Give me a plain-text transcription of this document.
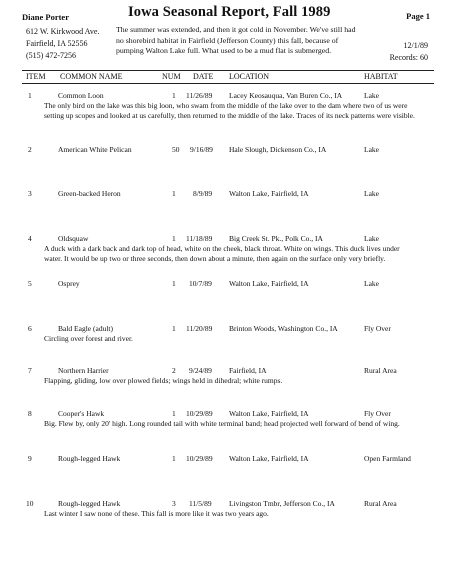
Diane Porter	Iowa Seasonal Report, Fall 1989	Page 1
612 W. Kirkwood Ave.
Fairfield, IA 52556
(515) 472-7256
The summer was extended, and then it got cold in November. We've still had no shorebird habitat in Fairfield (Jefferson County) this fall, because of pumping Walton Lake full. What used to be a mud flat is submerged.
12/1/89
Records: 60
ITEM COMMON NAME	NUM DATE LOCATION	HABITAT
1	Common Loon	1 11/26/89 Lacey Keosauqua, Van Buren Co., IA	Lake
The only bird on the lake was this big loon, who swam from the middle of the lake over to the dam where two of us were setting up scopes and looked at us carefully, then returned to the middle of the lake. Traces of its neck patterns were visible.
2	American White Pelican	50 9/16/89 Hale Slough, Dickenson Co., IA	Lake
3	Green-backed Heron	1 8/9/89 Walton Lake, Fairfield, IA	Lake
4	Oldsquaw	1 11/18/89 Big Creek St. Pk., Polk Co., IA	Lake
A duck with a dark back and dark top of head, white on the cheek, black throat. White on wings. This duck lives under water. It would be up two or three seconds, then down about a minute, then again on the surface only very briefly.
5	Osprey	1 10/7/89 Walton Lake, Fairfield, IA	Lake
6	Bald Eagle (adult)	1 11/20/89 Brinton Woods, Washington Co., IA	Fly Over
Circling over forest and river.
7	Northern Harrier	2 9/24/89 Fairfield, IA	Rural Area
Flapping, gliding, low over plowed fields; wings held in dihedral; white rumps.
8	Cooper's Hawk	1 10/29/89 Walton Lake, Fairfield, IA	Fly Over
Big. Flew by, only 20' high. Long rounded tail with white terminal band; head projected well forward of bend of wing.
9	Rough-legged Hawk	1 10/29/89 Walton Lake, Fairfield, IA	Open Farmland
10	Rough-legged Hawk	3 11/5/89 Livingston Tmbr, Jefferson Co., IA	Rural Area
Last winter I saw none of these. This fall is more like it was two years ago.
